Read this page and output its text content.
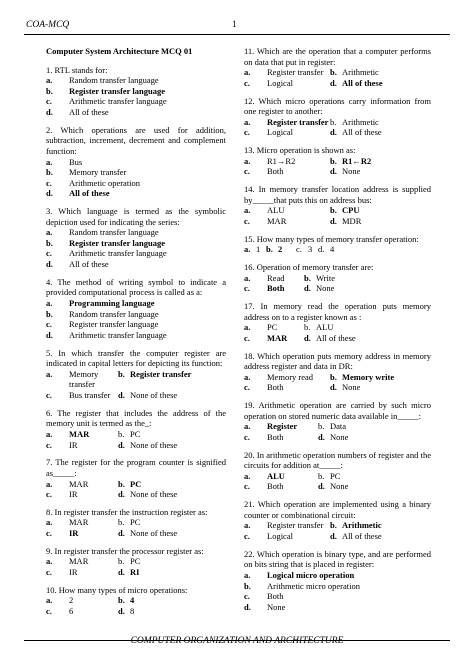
COA-MCQ	1
Computer System Architecture MCQ 01
1. RTL stands for:
a.	Random transfer language
b.	Register transfer language
c.	Arithmetic transfer language
d.	All of these
2. Which operations are used for addition, subtraction, increment, decrement and complement function:
a.	Bus
b.	Memory transfer
c.	Arithmetic operation
d.	All of these
3. Which language is termed as the symbolic depiction used for indicating the series:
a.	Random transfer language
b.	Register transfer language
c.	Arithmetic transfer language
d.	All of these
4. The method of writing symbol to indicate a provided computational process is called as a:
a.	Programming language
b.	Random transfer language
c.	Register transfer language
d.	Arithmetic transfer language
5. In which transfer the computer register are indicated in capital letters for depicting its function:
a.	Memory transfer
b. Register transfer
c.	Bus transfer d. None of these
6. The register that includes the address of the memory unit is termed as the_:
a.	MAR	b. PC
c.	IR	d. None of these
7. The register for the program counter is signified as_____:
a.	MAR	b. PC
c.	IR	d. None of these
8. In register transfer the instruction register as:
a.	MAR	b. PC
c.	IR	d. None of these
9. In register transfer the processor register as:
a.	MAR	b. PC
c.	IR	d. RI
10. How many types of micro operations:
a.	2	b. 4
c.	6	d. 8
11. Which are the operation that a computer performs on data that put in register:
a.	Register transfer b. Arithmetic
c.	Logical	d. All of these
12. Which micro operations carry information from one register to another:
a.	Register transfer b. Arithmetic
c.	Logical	d. All of these
13. Micro operation is shown as:
a.	R1→R2	b. R1←R2
c.	Both	d. None
14. In memory transfer location address is supplied by_____that puts this on address bus:
a.	ALU	b. CPU
c.	MAR	d. MDR
15. How many types of memory transfer operation:
a. 1 b. 2	c. 3 d. 4
16. Operation of memory transfer are:
a.	Read	b. Write
c.	Both	d. None
17. In memory read the operation puts memory address on to a register known as :
a.	PC	b. ALU
c.	MAR	d. All of these
18. Which operation puts memory address in memory address register and data in DR:
a.	Memory read	b. Memory write
c.	Both	d. None
19. Arithmetic operation are carried by such micro operation on stored numeric data available in_____:
a.	Register	b. Data
c.	Both	d. None
20. In arithmetic operation numbers of register and the circuits for addition at_____:
a.	ALU	b. PC
c.	Both	d. None
21. Which operation are implemented using a binary counter or combinational circuit:
a.	Register transfer b. Arithmetic
c.	Logical	d. All of these
22. Which operation is binary type, and are performed on bits string that is placed in register:
a.	Logical micro operation
b.	Arithmetic micro operation
c.	Both
d.	None
COMPUTER ORGANIZATION AND ARCHITECTURE
